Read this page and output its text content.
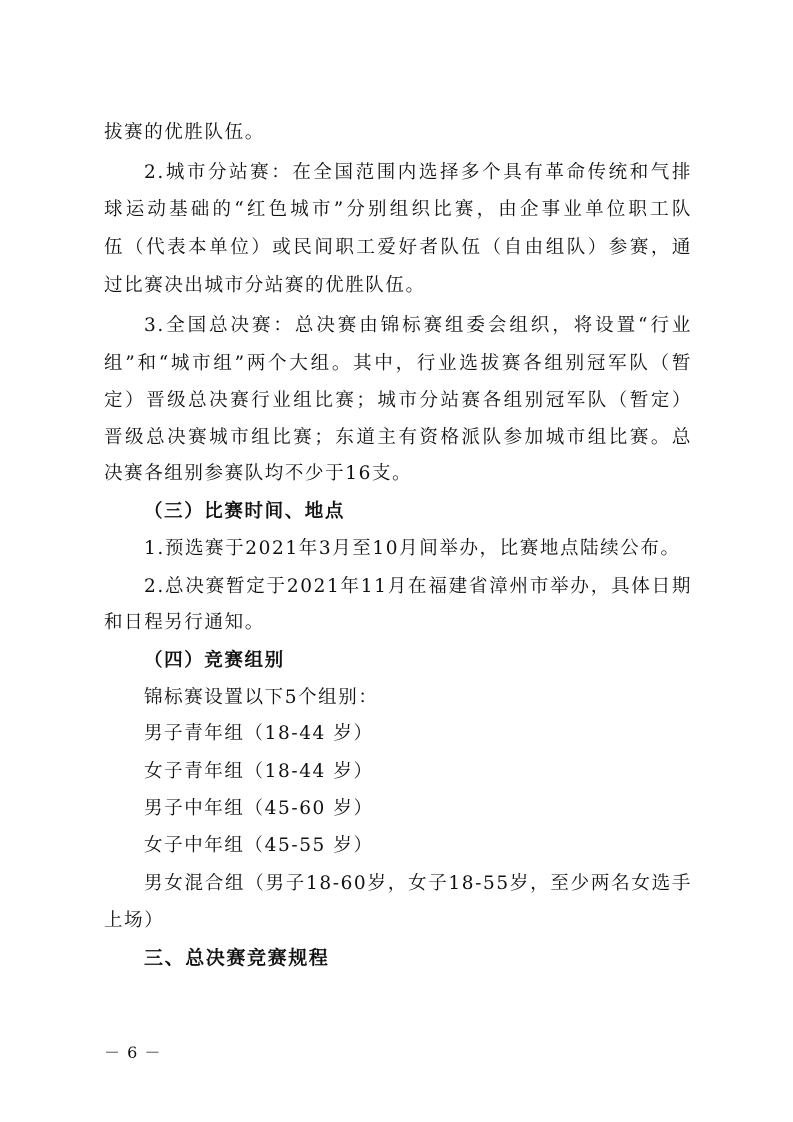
拔赛的优胜队伍。
2.城市分站赛：在全国范围内选择多个具有革命传统和气排
球运动基础的“红色城市”分别组织比赛，由企事业单位职工队
伍（代表本单位）或民间职工爱好者队伍（自由组队）参赛，通
过比赛决出城市分站赛的优胜队伍。
3.全国总决赛：总决赛由锦标赛组委会组织，将设置“行业
组”和“城市组”两个大组。其中，行业选拔赛各组别冠军队（暂
定）晋级总决赛行业组比赛；城市分站赛各组别冠军队（暂定）
晋级总决赛城市组比赛；东道主有资格派队参加城市组比赛。总
决赛各组别参赛队均不少于16支。
（三）比赛时间、地点
1.预选赛于2021年3月至10月间举办，比赛地点陆续公布。
2.总决赛暂定于2021年11月在福建省漳州市举办，具体日期
和日程另行通知。
（四）竞赛组别
锦标赛设置以下5个组别：
男子青年组（18-44 岁）
女子青年组（18-44 岁）
男子中年组（45-60 岁）
女子中年组（45-55 岁）
男女混合组（男子18-60岁，女子18-55岁，至少两名女选手
上场）
三、总决赛竞赛规程
－ 6 －
